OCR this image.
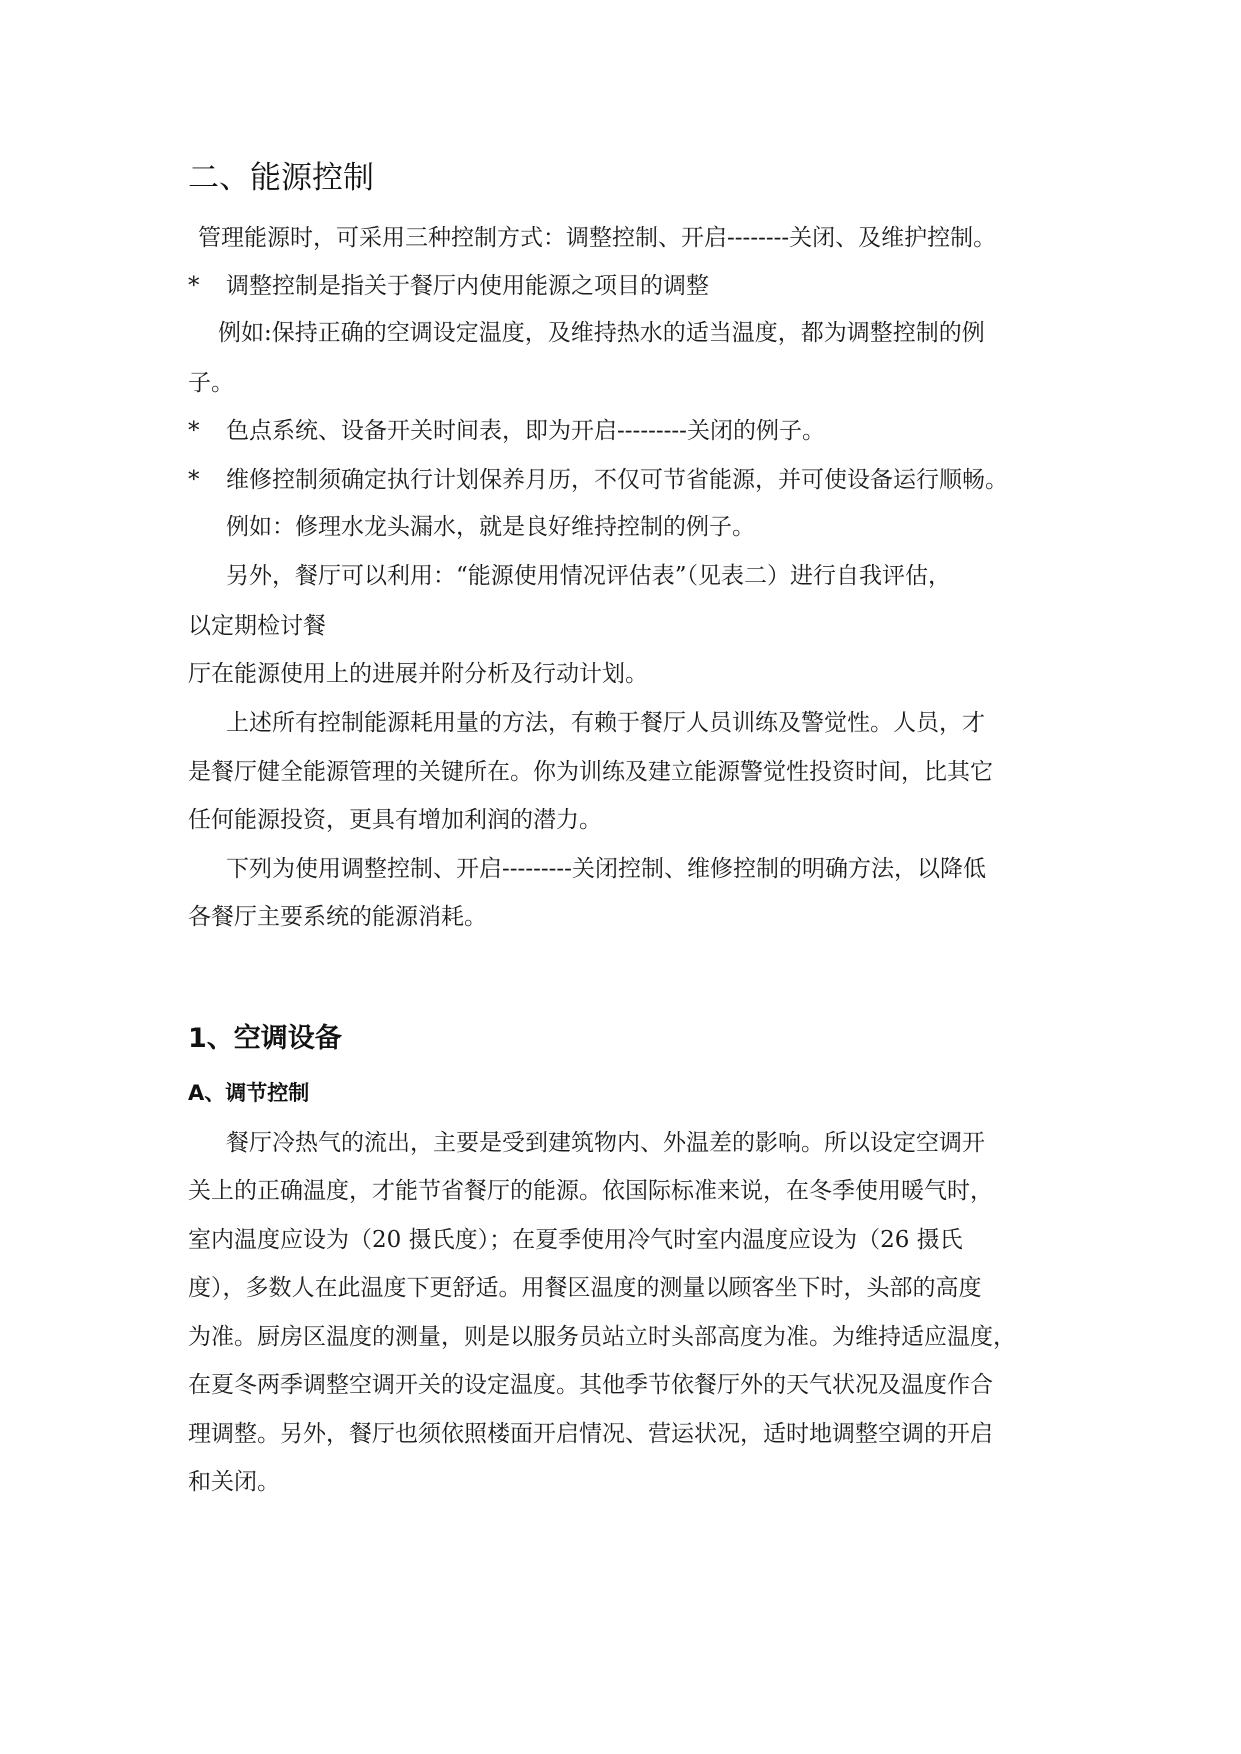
二、能源控制
管理能源时，可采用三种控制方式：调整控制、开启--------关闭、及维护控制。
* 调整控制是指关于餐厅内使用能源之项目的调整
例如:保持正确的空调设定温度，及维持热水的适当温度，都为调整控制的例
子。
* 色点系统、设备开关时间表，即为开启---------关闭的例子。
* 维修控制须确定执行计划保养月历，不仅可节省能源，并可使设备运行顺畅。
例如：修理水龙头漏水，就是良好维持控制的例子。
另外，餐厅可以利用：“能源使用情况评估表”（见表二）进行自我评估，
以定期检讨餐
厅在能源使用上的进展并附分析及行动计划。
上述所有控制能源耗用量的方法，有赖于餐厅人员训练及警觉性。人员，才
是餐厅健全能源管理的关键所在。你为训练及建立能源警觉性投资时间，比其它
任何能源投资，更具有增加利润的潜力。
下列为使用调整控制、开启---------关闭控制、维修控制的明确方法，以降低
各餐厅主要系统的能源消耗。
1、空调设备
A、调节控制
餐厅冷热气的流出，主要是受到建筑物内、外温差的影响。所以设定空调开
关上的正确温度，才能节省餐厅的能源。依国际标准来说，在冬季使用暖气时，
室内温度应设为（20 摄氏度）；在夏季使用冷气时室内温度应设为（26 摄氏
度），多数人在此温度下更舒适。用餐区温度的测量以顾客坐下时，头部的高度
为准。厨房区温度的测量，则是以服务员站立时头部高度为准。为维持适应温度，
在夏冬两季调整空调开关的设定温度。其他季节依餐厅外的天气状况及温度作合
理调整。另外，餐厅也须依照楼面开启情况、营运状况，适时地调整空调的开启
和关闭。
